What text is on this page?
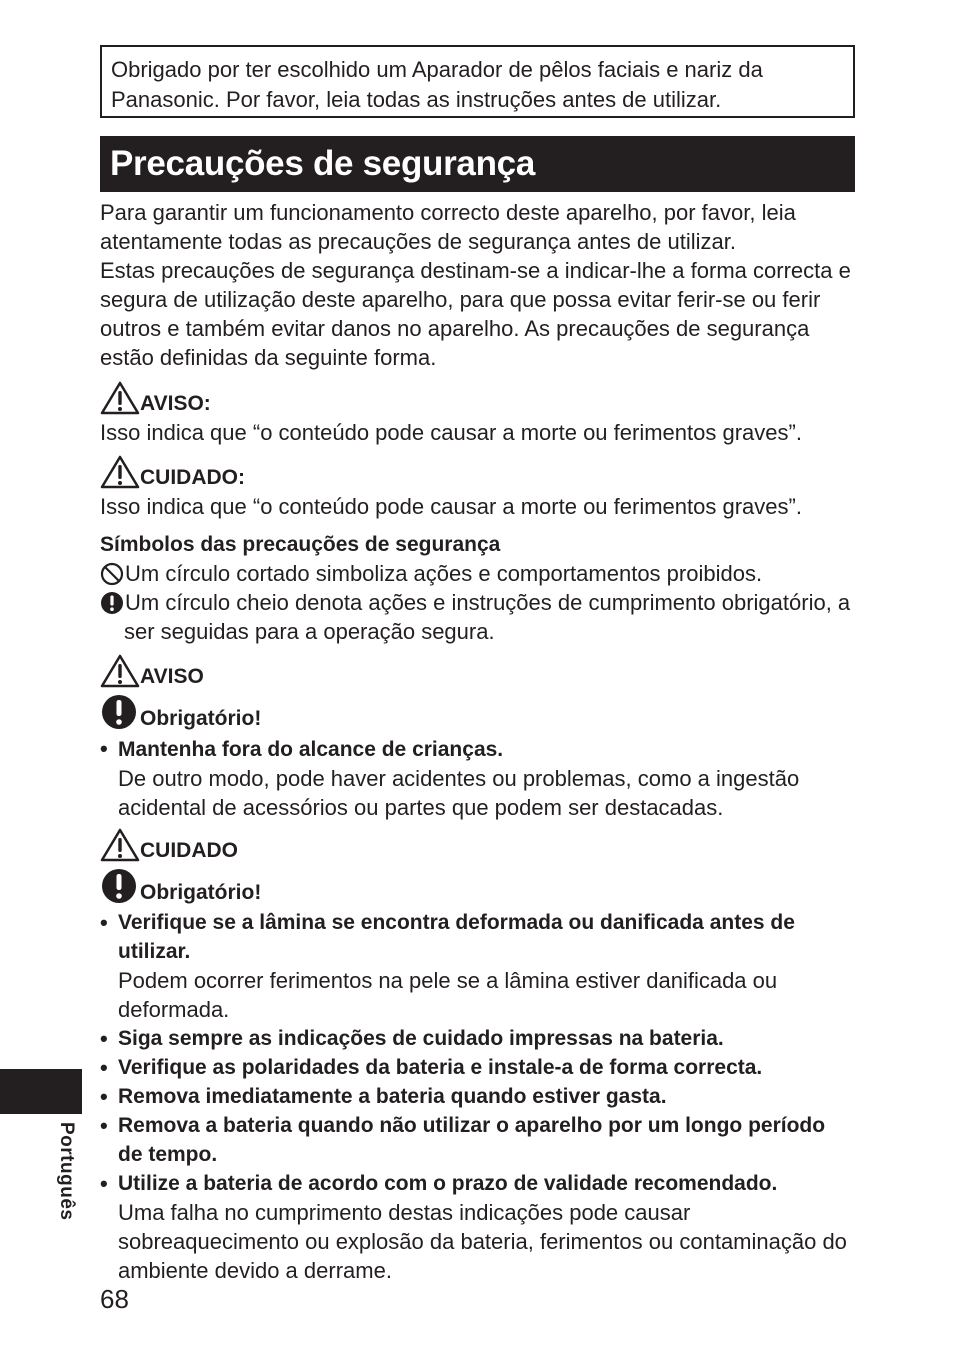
Obrigado por ter escolhido um Aparador de pêlos faciais e nariz da

Panasonic. Por favor, leia todas as instruções antes de utilizar.

Precauções de segurança

Para garantir um funcionamento correcto deste aparelho, por favor, leia

atentamente todas as precauções de segurança antes de utilizar.

Estas precauções de segurança destinam-se a indicar-lhe a forma correcta e

segura de utilização deste aparelho, para que possa evitar ferir-se ou ferir

outros e também evitar danos no aparelho. As precauções de segurança

estão definidas da seguinte forma.

AVISO:

Isso indica que “o conteúdo pode causar a morte ou ferimentos graves”.

CUIDADO:

Isso indica que “o conteúdo pode causar a morte ou ferimentos graves”.

Símbolos das precauções de segurança

Um círculo cortado simboliza ações e comportamentos proibidos.
Um círculo cheio denota ações e instruções de cumprimento obrigatório, a

ser seguidas para a operação segura.

AVISO
Obrigatório!
• Mantenha fora do alcance de crianças.

De outro modo, pode haver acidentes ou problemas, como a ingestão

acidental de acessórios ou partes que podem ser destacadas.

CUIDADO
Obrigatório!

• Verifique se a lâmina se encontra deformada ou danificada antes de

utilizar.

Podem ocorrer ferimentos na pele se a lâmina estiver danificada ou

deformada.

• Siga sempre as indicações de cuidado impressas na bateria.

• Verifique as polaridades da bateria e instale-a de forma correcta.

• Remova imediatamente a bateria quando estiver gasta.

• Remova a bateria quando não utilizar o aparelho por um longo período

de tempo.

• Utilize a bateria de acordo com o prazo de validade recomendado.

Uma falha no cumprimento destas indicações pode causar

sobreaquecimento ou explosão da bateria, ferimentos ou contaminação do

ambiente devido a derrame.

Português
68
